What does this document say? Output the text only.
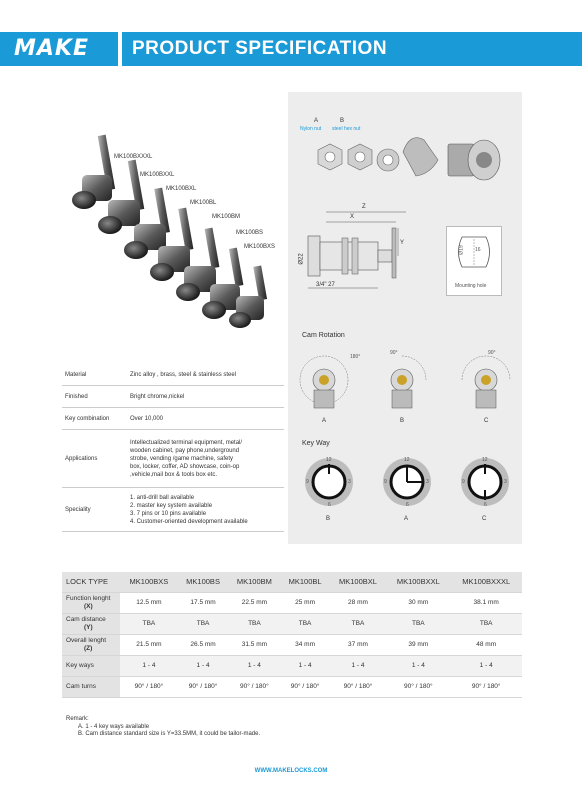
MAKE PRODUCT SPECIFICATION
MK100BXXXL
MK100BXXL
MK100BXL
MK100BL
MK100BM
MK100BS
MK100BXS
A	B
Nylon nut steel hex nut
Z
X
Y
Ø22
3/4" 27
Ø19 16
Mounting hole
Cam Rotation
180°
90°	90°
A	B	C
Key Way
12
9	3
6
12
9	3
6
12
9	3
6
B	A	C
Material	Zinc alloy , brass, steel & stainless steel
Finished	Bright chrome,nickel
Key combination	Over 10,000
Applications
Intellectualized terminal equipment, metal/
wooden cabinet, pay phone,underground
strobe, vending /game machine, safety
box, locker, coffer, AD showcase, coin-op
,vehicle,mail box & tools box etc.
Speciality
1. anti-drill ball available
2. master key system available
3. 7 pins or 10 pins available
4. Customer-oriented development available
LOCK TYPE	MK100BXS	MK100BS	MK100BM	MK100BL	MK100BXL	MK100BXXL	MK100BXXXL
Function lenght
(X)	12.5 mm	17.5 mm	22.5 mm	25 mm	28 mm	30 mm	38.1 mm
Cam distance
(Y)	TBA	TBA	TBA	TBA	TBA	TBA	TBA
Overall lenght
(Z)	21.5 mm	26.5 mm	31.5 mm	34 mm	37 mm	39 mm	48 mm
Key ways	1 - 4	1 - 4	1 - 4	1 - 4	1 - 4	1 - 4	1 - 4
Cam turns	90° / 180°	90° / 180°	90° / 180°	90° / 180°	90° / 180°	90° / 180°	90° / 180°
Remark:
A. 1 - 4 key ways available
B. Cam distance standard size is Y=33.5MM, it could be tailor-made.
WWW.MAKELOCKS.COM
